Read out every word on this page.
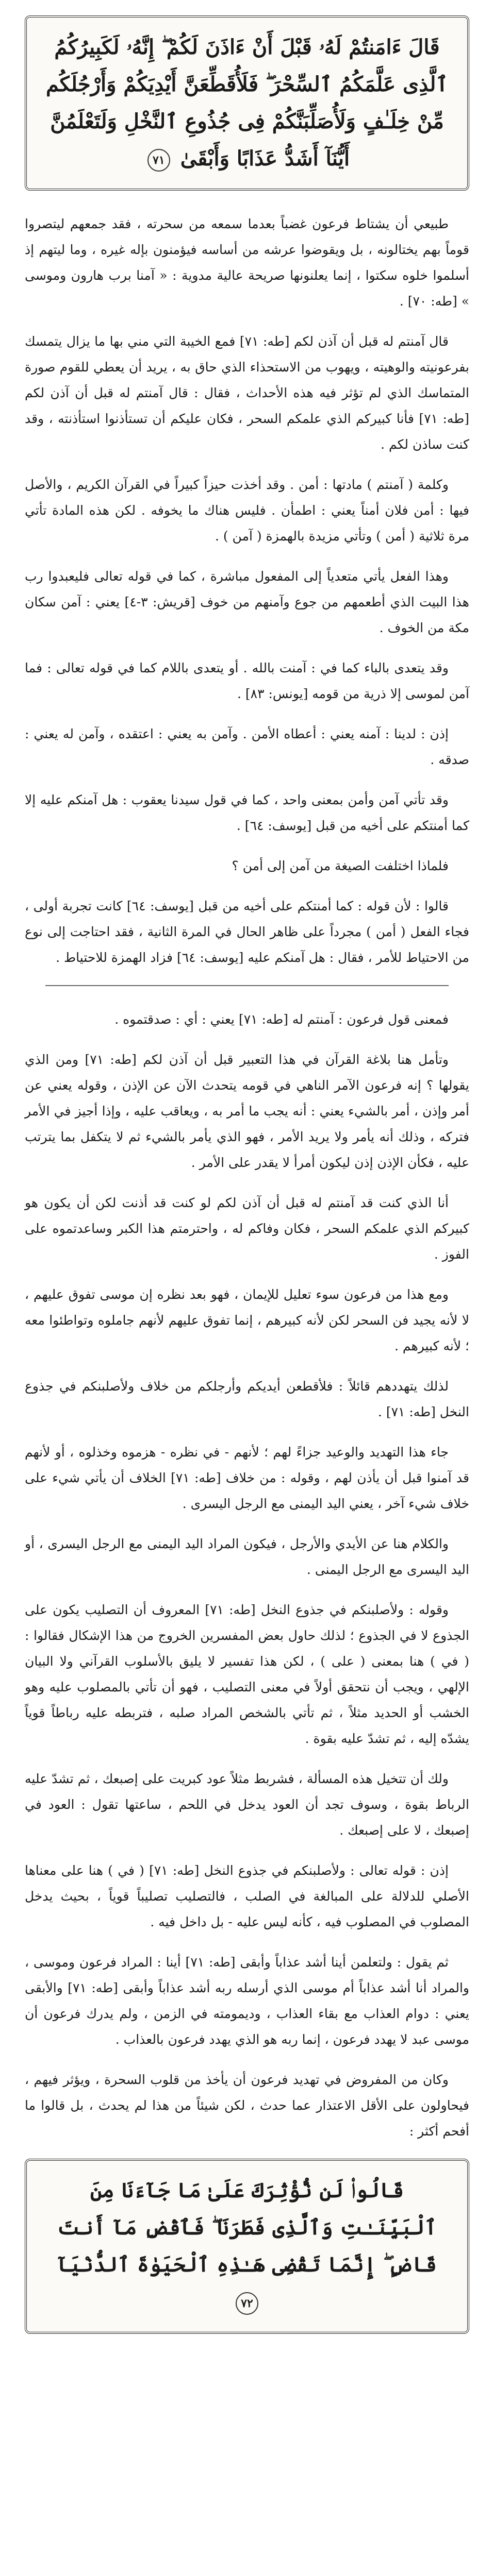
قَالَ ءَامَنتُمْ لَهُۥ قَبْلَ أَنْ ءَاذَنَ لَكُمْ ۖ إِنَّهُۥ لَكَبِيرُكُمُ ٱلَّذِى عَلَّمَكُمُ ٱلسِّحْرَ ۖ فَلَأُقَطِّعَنَّ أَيْدِيَكُمْ وَأَرْجُلَكُم مِّنْ خِلَـٰفٍ وَلَأُصَلِّبَنَّكُمْ فِى جُذُوعِ ٱلنَّخْلِ وَلَتَعْلَمُنَّ أَيُّنَآ أَشَدُّ عَذَابًا وَأَبْقَىٰ ٧١

طبيعي أن يشتاط فرعون غضباً بعدما سمعه من سحرته ، فقد جمعهم ليتصروا قوماً بهم يختالونه ، بل ويقوضوا عرشه من أساسه فيؤمنون بإله غيره ، وما ليتهم إذ أسلموا خلوه سكتوا ، إنما يعلنونها صريحة عالية مدوية : « آمنا برب هارون وموسى » [طه: ٧٠] .

قال آمنتم له قبل أن آذن لكم [طه: ٧١] فمع الخيبة التي مني بها ما يزال يتمسك بفرعونيته والوهيته ، ويهوب من الاستحذاء الذي حاق به ، يريد أن يعطي للقوم صورة المتماسك الذي لم تؤثر فيه هذه الأحداث ، فقال : قال آمنتم له قبل أن آذن لكم [طه: ٧١] فأنا كبيركم الذي علمكم السحر ، فكان عليكم أن تستأذنوا استأذنته ، وقد كنت ساذن لكم .

وكلمة ( آمنتم ) مادتها : أمن . وقد أخذت حيزاً كبيراً في القرآن الكريم ، والأصل فيها : أمن فلان أمناً يعني : اطمأن . فليس هناك ما يخوفه . لكن هذه المادة تأتي مرة ثلاثية ( أمن ) وتأتي مزيدة بالهمزة ( آمن ) .

وهذا الفعل يأتي متعدياً إلى المفعول مباشرة ، كما في قوله تعالى فليعبدوا رب هذا البيت الذي أطعمهم من جوع وآمنهم من خوف [قريش: ٣-٤] يعني : آمن سكان مكة من الخوف .

وقد يتعدى بالباء كما في : آمنت بالله . أو يتعدى باللام كما في قوله تعالى : فما آمن لموسى إلا ذرية من قومه [يونس: ٨٣] .

إذن : لدينا : آمنه يعني : أعطاه الأمن . وآمن به يعني : اعتقده ، وآمن له يعني : صدقه .

وقد تأتي آمن وأمن بمعنى واحد ، كما في قول سيدنا يعقوب : هل آمنكم عليه إلا كما أمنتكم على أخيه من قبل [يوسف: ٦٤] .

فلماذا اختلفت الصيغة من آمن إلى أمن ؟

قالوا : لأن قوله : كما أمنتكم على أخيه من قبل [يوسف: ٦٤] كانت تجربة أولى ، فجاء الفعل ( أمن ) مجرداً على ظاهر الحال في المرة الثانية ، فقد احتاجت إلى نوع من الاحتياط للأمر ، فقال : هل آمنكم عليه [يوسف: ٦٤] فزاد الهمزة للاحتياط .

فمعنى قول فرعون : آمنتم له [طه: ٧١] يعني : أي : صدقتموه .

وتأمل هنا بلاغة القرآن في هذا التعبير قبل أن آذن لكم [طه: ٧١] ومن الذي يقولها ؟ إنه فرعون الآمر الناهي في قومه يتحدث الآن عن الإذن ، وقوله يعني عن أمر وإذن ، أمر بالشيء يعني : أنه يجب ما أمر به ، ويعاقب عليه ، وإذا أجيز في الأمر فتركه ، وذلك أنه يأمر ولا يريد الأمر ، فهو الذي يأمر بالشيء ثم لا يتكفل بما يترتب عليه ، فكأن الإذن إذن ليكون أمرأ لا يقدر على الأمر .

أنا الذي كنت قد آمنتم له قبل أن آذن لكم لو كنت قد أذنت لكن أن يكون هو كبيركم الذي علمكم السحر ، فكان وفاكم له ، واحترمتم هذا الكبر وساعدتموه على الفوز .

ومع هذا من فرعون سوء تعليل للإيمان ، فهو بعد نظره إن موسى تفوق عليهم ، لا لأنه يجيد فن السحر لكن لأنه كبيرهم ، إنما تفوق عليهم لأنهم جاملوه وتواطئوا معه ؛ لأنه كبيرهم .

لذلك يتهددهم قائلاً : فلأقطعن أيديكم وأرجلكم من خلاف ولأصلبنكم في جذوع النخل [طه: ٧١] .

جاء هذا التهديد والوعيد جزاءً لهم ؛ لأنهم - في نظره - هزموه وخذلوه ، أو لأنهم قد آمنوا قبل أن يأذن لهم ، وقوله : من خلاف [طه: ٧١] الخلاف أن يأتي شيء على خلاف شيء آخر ، يعني اليد اليمنى مع الرجل اليسرى .

والكلام هنا عن الأيدي والأرجل ، فيكون المراد اليد اليمنى مع الرجل اليسرى ، أو اليد اليسرى مع الرجل اليمنى .

وقوله : ولأصلبنكم في جذوع النخل [طه: ٧١] المعروف أن التصليب يكون على الجذوع لا في الجذوع ؛ لذلك حاول بعض المفسرين الخروج من هذا الإشكال فقالوا : ( في ) هنا بمعنى ( على ) ، لكن هذا تفسير لا يليق بالأسلوب القرآني ولا البيان الإلهي ، ويجب أن نتحقق أولاً في معنى التصليب ، فهو أن تأتي بالمصلوب عليه وهو الخشب أو الحديد مثلاً ، ثم تأتي بالشخص المراد صلبه ، فتربطه عليه رباطاً قوياً يشدّه إليه ، ثم تشدّ عليه بقوة .

ولك أن تتخيل هذه المسألة ، فشربط مثلاً عود كبريت على إصبعك ، ثم تشدّ عليه الرباط بقوة ، وسوف تجد أن العود يدخل في اللحم ، ساعتها تقول : العود في إصبعك ، لا على إصبعك .

إذن : قوله تعالى : ولأصلبنكم في جذوع النخل [طه: ٧١] ( في ) هنا على معناها الأصلي للدلالة على المبالغة في الصلب ، فالتصليب تصليباً قوياً ، بحيث يدخل المصلوب في المصلوب فيه ، كأنه ليس عليه - بل داخل فيه .

ثم يقول : ولتعلمن أينا أشد عذاباً وأبقى [طه: ٧١] أينا : المراد فرعون وموسى ، والمراد أنا أشد عذاباً أم موسى الذي أرسله ربه أشد عذاباً وأبقى [طه: ٧١] والأبقى يعني : دوام العذاب مع بقاء العذاب ، وديمومته في الزمن ، ولم يدرك فرعون أن موسى عبد لا يهدد فرعون ، إنما ربه هو الذي يهدد فرعون بالعذاب .

وكان من المفروض في تهديد فرعون أن يأخذ من قلوب السحرة ، ويؤثر فيهم ، فيحاولون على الأقل الاعتذار عما حدث ، لكن شيئاً من هذا لم يحدث ، بل قالوا ما أفحم أكثر :

قَالُوا۟ لَن نُّؤْثِرَكَ عَلَىٰ مَا جَآءَنَا مِنَ ٱلْبَيِّنَـٰتِ وَٱلَّذِى فَطَرَنَا ۖ فَٱقْضِ مَآ أَنتَ قَاضٍ ۖ إِنَّمَا تَقْضِى هَـٰذِهِ ٱلْحَيَوٰةَ ٱلدُّنْيَآ ٧٢
